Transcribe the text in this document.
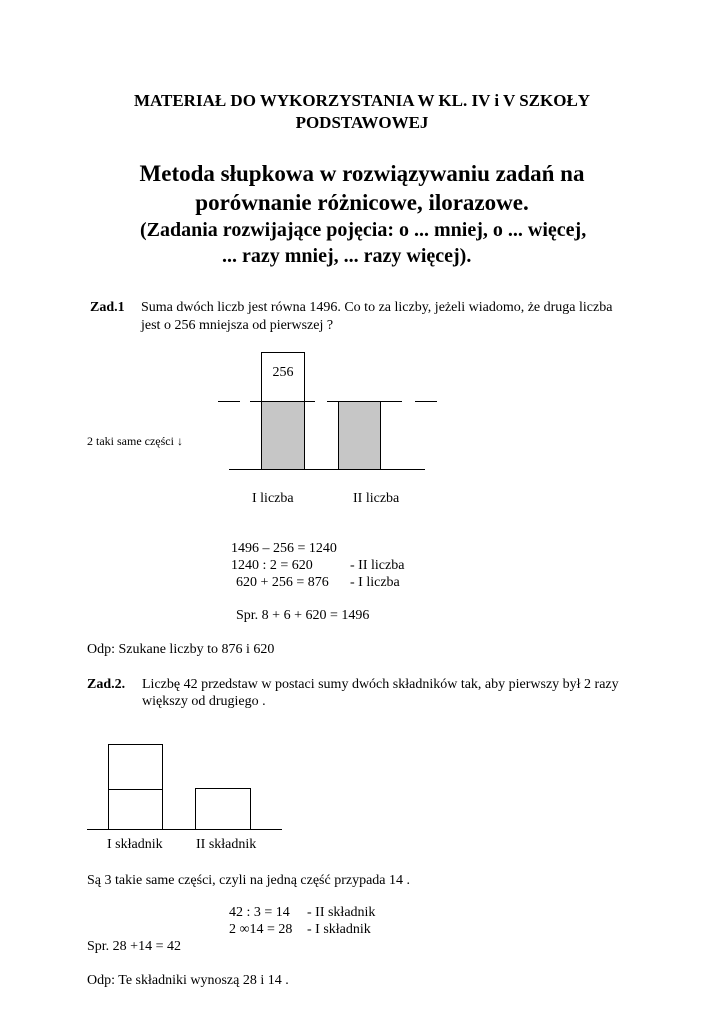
MATERIAŁ DO WYKORZYSTANIA W KL. IV i V SZKOŁY
PODSTAWOWEJ
Metoda słupkowa w rozwiązywaniu zadań na
porównanie różnicowe, ilorazowe.
(Zadania rozwijające pojęcia: o ... mniej, o ... więcej,
... razy mniej, ... razy więcej).
Zad.1 Suma dwóch liczb jest równa 1496. Co to za liczby, jeżeli wiadomo, że druga liczba
jest o 256 mniejsza od pierwszej ?
256
2 taki same części ↓
I liczba	II liczba
1496 – 256 = 1240
1240 : 2 = 620	- II liczba
620 + 256 = 876 - I liczba
Spr. 8 + 6 + 620 = 1496
Odp: Szukane liczby to 876 i 620
Zad.2. Liczbę 42 przedstaw w postaci sumy dwóch składników tak, aby pierwszy był 2 razy
większy od drugiego .
I składnik II składnik
Są 3 takie same części, czyli na jedną część przypada 14 .
42 : 3 = 14 - II składnik
2 ∞14 = 28 - I składnik
Spr. 28 +14 = 42
Odp: Te składniki wynoszą 28 i 14 .
